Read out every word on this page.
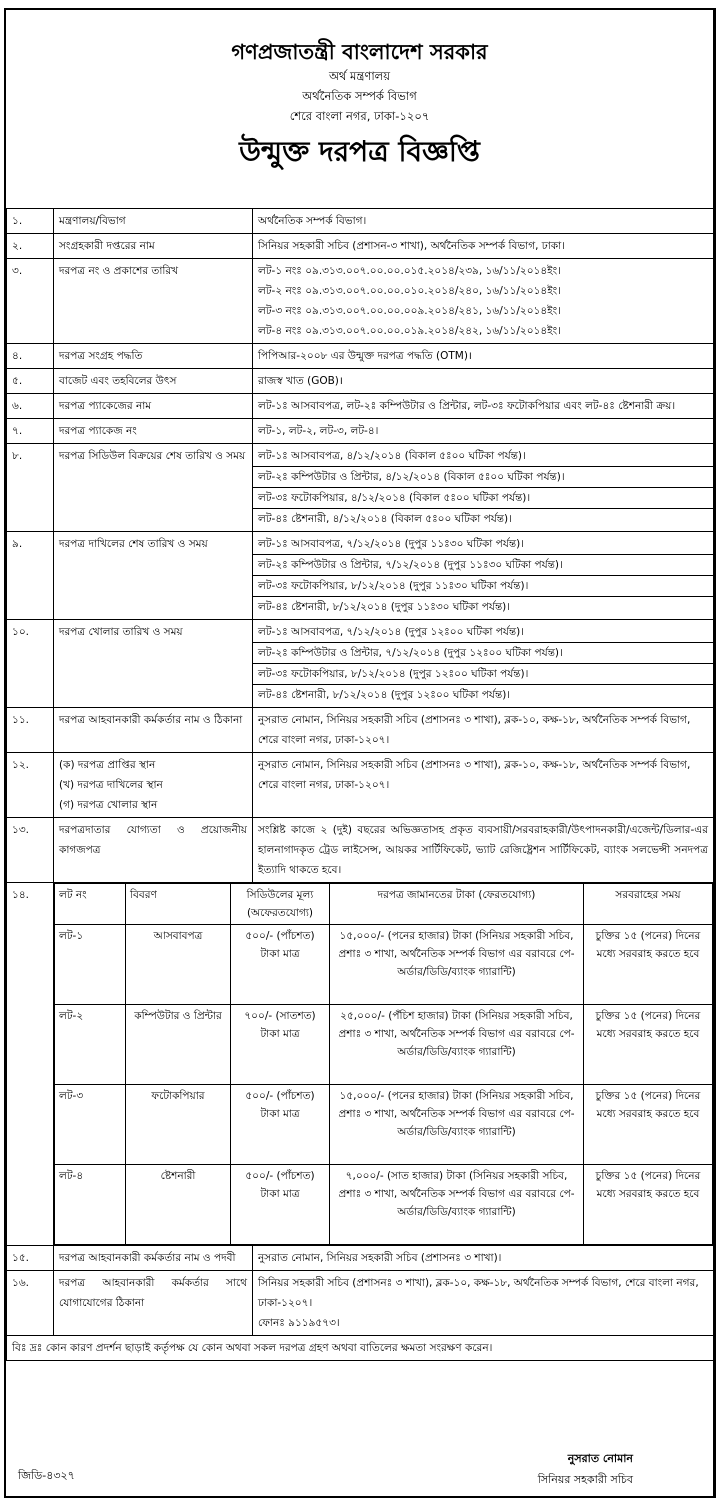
গণপ্রজাতন্ত্রী বাংলাদেশ সরকার
অর্থ মন্ত্রণালয়
অর্থনৈতিক সম্পর্ক বিভাগ
শেরে বাংলা নগর, ঢাকা-১২০৭
উন্মুক্ত দরপত্র বিজ্ঞপ্তি
১.	মন্ত্রণালয়/বিভাগ	অর্থনৈতিক সম্পর্ক বিভাগ।
২.	সংগ্রহকারী দপ্তরের নাম	সিনিয়র সহকারী সচিব (প্রশাসন-৩ শাখা), অর্থনৈতিক সম্পর্ক বিভাগ, ঢাকা।
৩.	দরপত্র নং ও প্রকাশের তারিখ	লট-১ নংঃ ০৯.৩১৩.০০৭.০০.০০.০১৫.২০১৪/২৩৯, ১৬/১১/২০১৪ইং।
লট-২ নংঃ ০৯.৩১৩.০০৭.০০.০০.০১০.২০১৪/২৪০, ১৬/১১/২০১৪ইং।
লট-৩ নংঃ ০৯.৩১৩.০০৭.০০.০০.০০৯.২০১৪/২৪১, ১৬/১১/২০১৪ইং।
লট-৪ নংঃ ০৯.৩১৩.০০৭.০০.০০.০১৯.২০১৪/২৪২, ১৬/১১/২০১৪ইং।

৪.	দরপত্র সংগ্রহ পদ্ধতি	পিপিআর-২০০৮ এর উন্মুক্ত দরপত্র পদ্ধতি (OTM)।
৫.	বাজেট এবং তহবিলের উৎস	রাজস্ব খাত (GOB)।
৬.	দরপত্র প্যাকেজের নাম	লট-১ঃ আসবাবপত্র, লট-২ঃ কম্পিউটার ও প্রিন্টার, লট-৩ঃ ফটোকপিয়ার এবং লট-৪ঃ ষ্টেশনারী ক্রয়।
৭.	দরপত্র প্যাকেজ নং	লট-১, লট-২, লট-৩, লট-৪।
৮.	দরপত্র সিডিউল বিক্রয়ের শেষ তারিখ ও সময়	লট-১ঃ আসবাবপত্র, ৪/১২/২০১৪ (বিকাল ৫ঃ০০ ঘটিকা পর্যন্ত)।
লট-২ঃ কম্পিউটার ও প্রিন্টার, ৪/১২/২০১৪ (বিকাল ৫ঃ০০ ঘটিকা পর্যন্ত)।
লট-৩ঃ ফটোকপিয়ার, ৪/১২/২০১৪ (বিকাল ৫ঃ০০ ঘটিকা পর্যন্ত)।
লট-৪ঃ ষ্টেশনারী, ৪/১২/২০১৪ (বিকাল ৫ঃ০০ ঘটিকা পর্যন্ত)।

৯.	দরপত্র দাখিলের শেষ তারিখ ও সময়	লট-১ঃ আসবাবপত্র, ৭/১২/২০১৪ (দুপুর ১১ঃ৩০ ঘটিকা পর্যন্ত)।
লট-২ঃ কম্পিউটার ও প্রিন্টার, ৭/১২/২০১৪ (দুপুর ১১ঃ৩০ ঘটিকা পর্যন্ত)।
লট-৩ঃ ফটোকপিয়ার, ৮/১২/২০১৪ (দুপুর ১১ঃ৩০ ঘটিকা পর্যন্ত)।
লট-৪ঃ ষ্টেশনারী, ৮/১২/২০১৪ (দুপুর ১১ঃ৩০ ঘটিকা পর্যন্ত)।

১০.	দরপত্র খোলার তারিখ ও সময়	লট-১ঃ আসবাবপত্র, ৭/১২/২০১৪ (দুপুর ১২ঃ০০ ঘটিকা পর্যন্ত)।
লট-২ঃ কম্পিউটার ও প্রিন্টার, ৭/১২/২০১৪ (দুপুর ১২ঃ০০ ঘটিকা পর্যন্ত)।
লট-৩ঃ ফটোকপিয়ার, ৮/১২/২০১৪ (দুপুর ১২ঃ০০ ঘটিকা পর্যন্ত)।
লট-৪ঃ ষ্টেশনারী, ৮/১২/২০১৪ (দুপুর ১২ঃ০০ ঘটিকা পর্যন্ত)।

১১.	দরপত্র আহবানকারী কর্মকর্তার নাম ও ঠিকানা	নুসরাত নোমান, সিনিয়র সহকারী সচিব (প্রশাসনঃ ৩ শাখা), ব্লক-১০, কক্ষ-১৮, অর্থনৈতিক সম্পর্ক বিভাগ, শেরে বাংলা নগর, ঢাকা-১২০৭।
১২.	(ক) দরপত্র প্রাপ্তির স্থান
(খ) দরপত্র দাখিলের স্থান
(গ) দরপত্র খোলার স্থান
	নুসরাত নোমান, সিনিয়র সহকারী সচিব (প্রশাসনঃ ৩ শাখা), ব্লক-১০, কক্ষ-১৮, অর্থনৈতিক সম্পর্ক বিভাগ, শেরে বাংলা নগর, ঢাকা-১২০৭।
১৩.	দরপত্রদাতার যোগ্যতা ও প্রয়োজনীয় কাগজপত্র	সংশ্লিষ্ট কাজে ২ (দুই) বছরের অভিজ্ঞতাসহ প্রকৃত ব্যবসায়ী/সরবরাহকারী/উৎপাদনকারী/এজেন্ট/ডিলার-এর হালনাগাদকৃত ট্রেড লাইসেন্স, আয়কর সার্টিফিকেট, ভ্যাট রেজিষ্ট্রেশন সার্টিফিকেট, ব্যাংক সলভেন্সী সনদপত্র ইত্যাদি থাকতে হবে।
১৪.		লট নং	বিবরণ	সিডিউলের মূল্য (অফেরতযোগ্য)	দরপত্র জামানতের টাকা (ফেরতযোগ্য)	সরবরাহের সময়
লট-১	আসবাবপত্র	৫০০/- (পাঁচশত) টাকা মাত্র	১৫,০০০/- (পনের হাজার) টাকা (সিনিয়র সহকারী সচিব, প্রশাঃ ৩ শাখা, অর্থনৈতিক সম্পর্ক বিভাগ এর বরাবরে পে-অর্ডার/ডিডি/ব্যাংক গ্যারান্টি)	চুক্তির ১৫ (পনের) দিনের মধ্যে সরবরাহ করতে হবে
লট-২	কম্পিউটার ও প্রিন্টার	৭০০/- (সাতশত) টাকা মাত্র	২৫,০০০/- (পঁচিশ হাজার) টাকা (সিনিয়র সহকারী সচিব, প্রশাঃ ৩ শাখা, অর্থনৈতিক সম্পর্ক বিভাগ এর বরাবরে পে-অর্ডার/ডিডি/ব্যাংক গ্যারান্টি)	চুক্তির ১৫ (পনের) দিনের মধ্যে সরবরাহ করতে হবে
লট-৩	ফটোকপিয়ার	৫০০/- (পাঁচশত) টাকা মাত্র	১৫,০০০/- (পনের হাজার) টাকা (সিনিয়র সহকারী সচিব, প্রশাঃ ৩ শাখা, অর্থনৈতিক সম্পর্ক বিভাগ এর বরাবরে পে-অর্ডার/ডিডি/ব্যাংক গ্যারান্টি)	চুক্তির ১৫ (পনের) দিনের মধ্যে সরবরাহ করতে হবে
লট-৪	ষ্টেশনারী	৫০০/- (পাঁচশত) টাকা মাত্র	৭,০০০/- (সাত হাজার) টাকা (সিনিয়র সহকারী সচিব, প্রশাঃ ৩ শাখা, অর্থনৈতিক সম্পর্ক বিভাগ এর বরাবরে পে-অর্ডার/ডিডি/ব্যাংক গ্যারান্টি)	চুক্তির ১৫ (পনের) দিনের মধ্যে সরবরাহ করতে হবে

১৫.	দরপত্র আহবানকারী কর্মকর্তার নাম ও পদবী	নুসরাত নোমান, সিনিয়র সহকারী সচিব (প্রশাসনঃ ৩ শাখা)।
১৬.	দরপত্র আহবানকারী কর্মকর্তার সাথে যোগাযোগের ঠিকানা	
সিনিয়র সহকারী সচিব (প্রশাসনঃ ৩ শাখা), ব্লক-১০, কক্ষ-১৮, অর্থনৈতিক সম্পর্ক বিভাগ, শেরে বাংলা নগর, ঢাকা-১২০৭।
ফোনঃ ৯১১৯৫৭৩।

বিঃ দ্রঃ কোন কারণ প্রদর্শন ছাড়াই কর্তৃপক্ষ যে কোন অথবা সকল দরপত্র গ্রহণ অথবা বাতিলের ক্ষমতা সংরক্ষণ করেন।
নুসরাত নোমান
সিনিয়র সহকারী সচিব
জিডি-৪৩২৭
